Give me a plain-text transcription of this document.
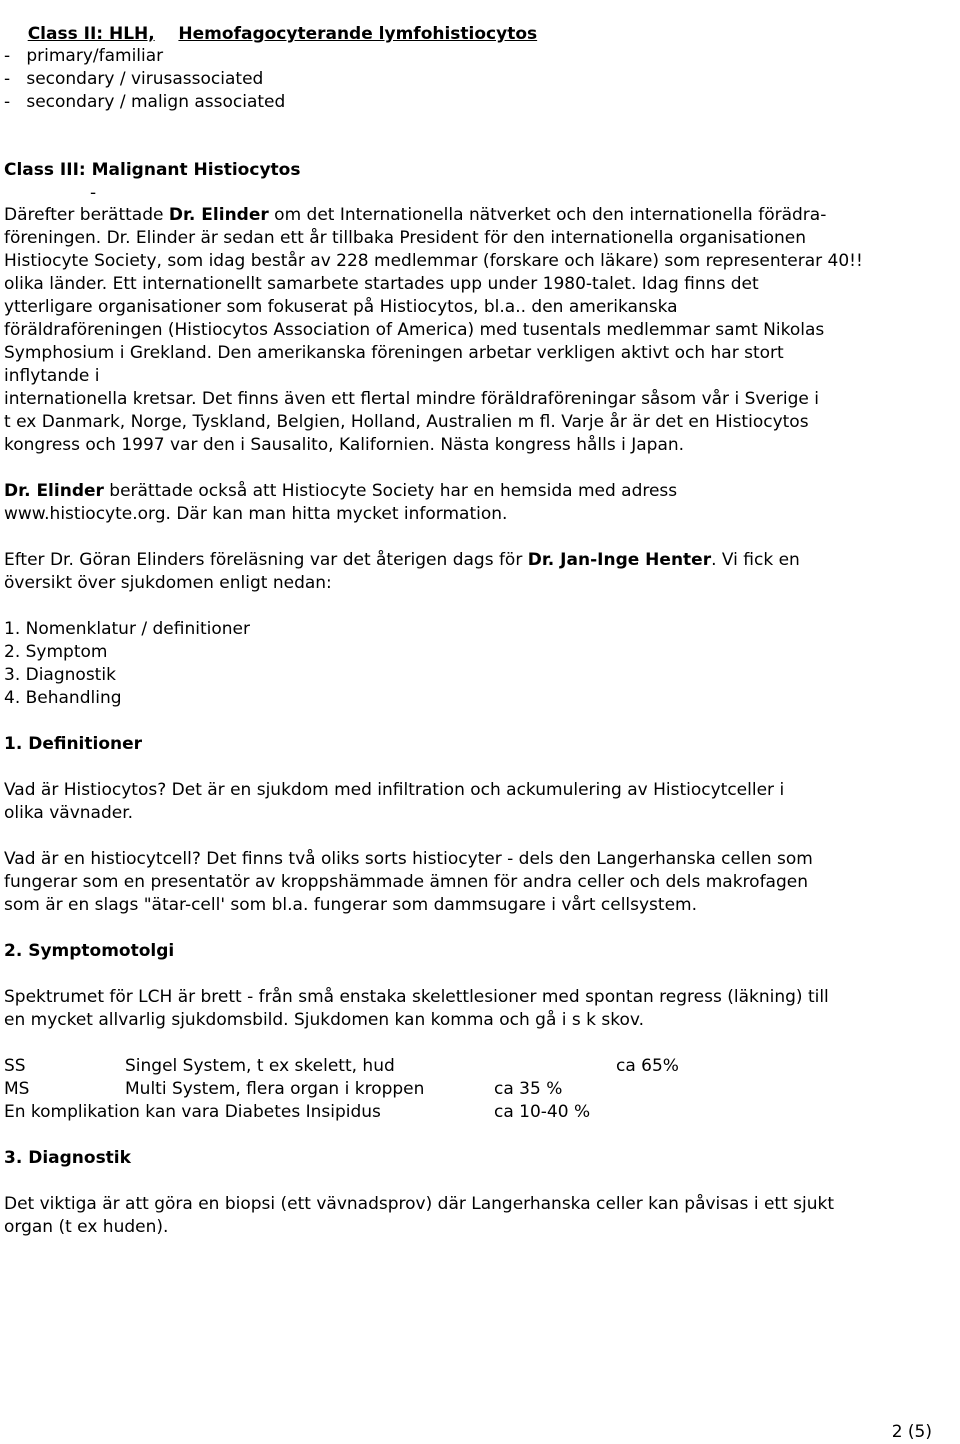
Class II: HLH, Hemofagocyterande lymfohistiocytos

-   primary/familiar
-   secondary / virusassociated
-   secondary / malign associated
Class III: Malignant Histiocytos
-
Därefter berättade Dr. Elinder om det Internationella nätverket och den internationella förädra-
föreningen. Dr. Elinder är sedan ett år tillbaka President för den internationella organisationen
Histiocyte Society, som idag består av 228 medlemmar (forskare och läkare) som representerar 40!!
olika länder. Ett internationellt samarbete startades upp under 1980-talet. Idag finns det
ytterligare organisationer som fokuserat på Histiocytos, bl.a.. den amerikanska
föräldraföreningen (Histiocytos Association of America) med tusentals medlemmar samt Nikolas
Symphosium i Grekland. Den amerikanska föreningen arbetar verkligen aktivt och har stort
inflytande i
internationella kretsar. Det finns även ett flertal mindre föräldraföreningar såsom vår i Sverige i
t ex Danmark, Norge, Tyskland, Belgien, Holland, Australien m fl. Varje år är det en Histiocytos
kongress och 1997 var den i Sausalito, Kalifornien. Nästa kongress hålls i Japan.
Dr. Elinder berättade också att Histiocyte Society har en hemsida med adress
www.histiocyte.org. Där kan man hitta mycket information.
Efter Dr. Göran Elinders föreläsning var det återigen dags för Dr. Jan-Inge Henter. Vi fick en
översikt över sjukdomen enligt nedan:
1. Nomenklatur / definitioner
2. Symptom
3. Diagnostik
4. Behandling
1. Definitioner
Vad är Histiocytos? Det är en sjukdom med infiltration och ackumulering av Histiocytceller i
olika vävnader.
Vad är en histiocytcell? Det finns två oliks sorts histiocyter - dels den Langerhanska cellen som
fungerar som en presentatör av kroppshämmade ämnen för andra celler och dels makrofagen
som är en slags "ätar-cell' som bl.a. fungerar som dammsugare i vårt cellsystem.
2. Symptomotolgi
Spektrumet för LCH är brett - från små enstaka skelettlesioner med spontan regress (läkning) till
en mycket allvarlig sjukdomsbild. Sjukdomen kan komma och gå i s k skov.
SS	Singel System, t ex skelett, hud	ca 65%
MS	Multi System, flera organ i kroppen	ca 35 %
En komplikation kan vara Diabetes Insipidus	ca 10-40 %
3. Diagnostik
Det viktiga är att göra en biopsi (ett vävnadsprov) där Langerhanska celler kan påvisas i ett sjukt
organ (t ex huden).
2 (5)
